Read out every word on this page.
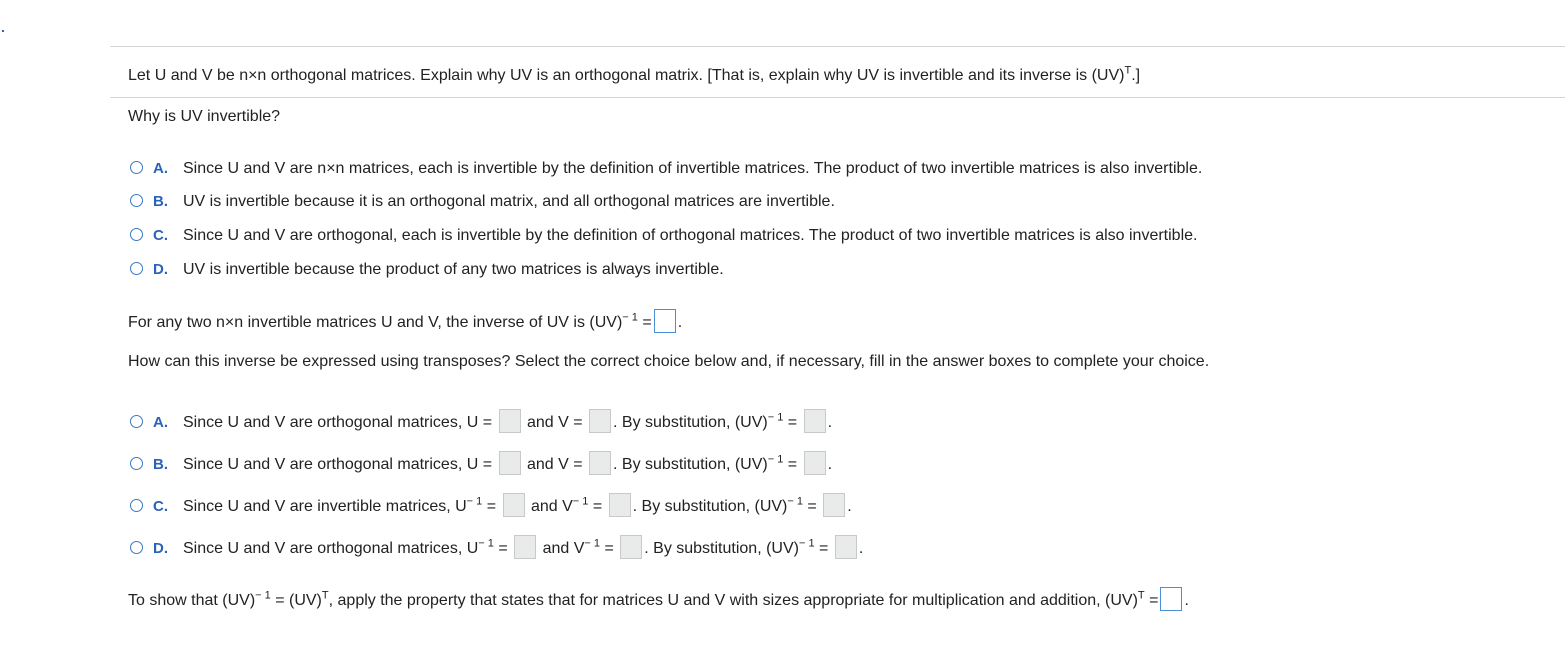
Let U and V be n×n orthogonal matrices. Explain why UV is an orthogonal matrix. [That is, explain why UV is invertible and its inverse is (UV)$^T$.]
Why is UV invertible?
A. Since U and V are n×n matrices, each is invertible by the definition of invertible matrices. The product of two invertible matrices is also invertible.
B. UV is invertible because it is an orthogonal matrix, and all orthogonal matrices are invertible.
C. Since U and V are orthogonal, each is invertible by the definition of orthogonal matrices. The product of two invertible matrices is also invertible.
D. UV is invertible because the product of any two matrices is always invertible.
For any two n×n invertible matrices U and V, the inverse of UV is (UV)$^{- 1}$ = .
How can this inverse be expressed using transposes? Select the correct choice below and, if necessary, fill in the answer boxes to complete your choice.
A. Since U and V are orthogonal matrices, U = and V = . By substitution, (UV)$^{- 1}$ = .
B. Since U and V are orthogonal matrices, U = and V = . By substitution, (UV)$^{- 1}$ = .
C. Since U and V are invertible matrices, $U^{- 1}$ = and $V^{- 1}$ = . By substitution, (UV)$^{- 1}$ = .
D. Since U and V are orthogonal matrices, $U^{- 1}$ = and $V^{- 1}$ = . By substitution, (UV)$^{- 1}$ = .
To show that (UV)$^{- 1}$ = (UV)$^T$, apply the property that states that for matrices U and V with sizes appropriate for multiplication and addition, (UV)$^T$ = .
